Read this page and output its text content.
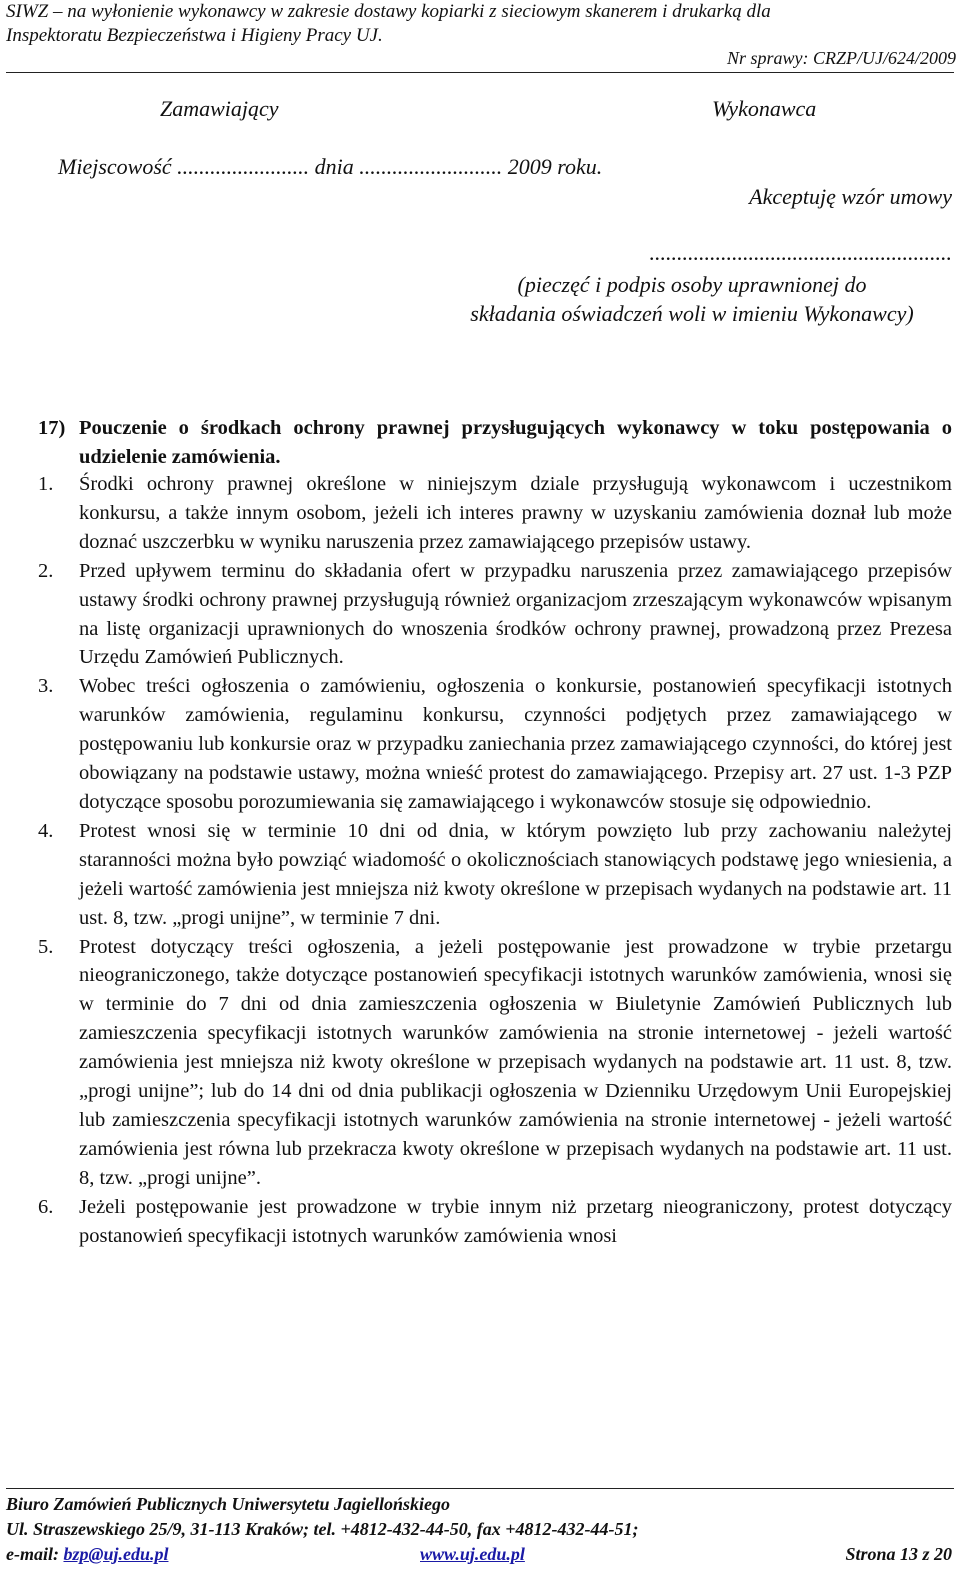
SIWZ – na wyłonienie wykonawcy w zakresie dostawy kopiarki z sieciowym skanerem i drukarką dla
Inspektoratu Bezpieczeństwa i Higieny Pracy UJ.
Nr sprawy: CRZP/UJ/624/2009
Zamawiający	Wykonawca
Miejscowość ........................ dnia .......................... 2009 roku.
Akceptuję wzór umowy
.......................................................
(pieczęć i podpis osoby uprawnionej do
składania oświadczeń woli w imieniu Wykonawcy)
17) Pouczenie o środkach ochrony prawnej przysługujących wykonawcy w toku postępowania o udzielenie zamówienia.
1. Środki ochrony prawnej określone w niniejszym dziale przysługują wykonawcom i uczestnikom konkursu, a także innym osobom, jeżeli ich interes prawny w uzyskaniu zamówienia doznał lub może doznać uszczerbku w wyniku naruszenia przez zamawiającego przepisów ustawy.
2. Przed upływem terminu do składania ofert w przypadku naruszenia przez zamawiającego przepisów ustawy środki ochrony prawnej przysługują również organizacjom zrzeszającym wykonawców wpisanym na listę organizacji uprawnionych do wnoszenia środków ochrony prawnej, prowadzoną przez Prezesa Urzędu Zamówień Publicznych.
3. Wobec treści ogłoszenia o zamówieniu, ogłoszenia o konkursie, postanowień specyfikacji istotnych warunków zamówienia, regulaminu konkursu, czynności podjętych przez zamawiającego w postępowaniu lub konkursie oraz w przypadku zaniechania przez zamawiającego czynności, do której jest obowiązany na podstawie ustawy, można wnieść protest do zamawiającego. Przepisy art. 27 ust. 1-3 PZP dotyczące sposobu porozumiewania się zamawiającego i wykonawców stosuje się odpowiednio.
4. Protest wnosi się w terminie 10 dni od dnia, w którym powzięto lub przy zachowaniu należytej staranności można było powziąć wiadomość o okolicznościach stanowiących podstawę jego wniesienia, a jeżeli wartość zamówienia jest mniejsza niż kwoty określone w przepisach wydanych na podstawie art. 11 ust. 8, tzw. „progi unijne”, w terminie 7 dni.
5. Protest dotyczący treści ogłoszenia, a jeżeli postępowanie jest prowadzone w trybie przetargu nieograniczonego, także dotyczące postanowień specyfikacji istotnych warunków zamówienia, wnosi się w terminie do 7 dni od dnia zamieszczenia ogłoszenia w Biuletynie Zamówień Publicznych lub zamieszczenia specyfikacji istotnych warunków zamówienia na stronie internetowej - jeżeli wartość zamówienia jest mniejsza niż kwoty określone w przepisach wydanych na podstawie art. 11 ust. 8, tzw. „progi unijne”; lub do 14 dni od dnia publikacji ogłoszenia w Dzienniku Urzędowym Unii Europejskiej lub zamieszczenia specyfikacji istotnych warunków zamówienia na stronie internetowej - jeżeli wartość zamówienia jest równa lub przekracza kwoty określone w przepisach wydanych na podstawie art. 11 ust. 8, tzw. „progi unijne”.
6. Jeżeli postępowanie jest prowadzone w trybie innym niż przetarg nieograniczony, protest dotyczący postanowień specyfikacji istotnych warunków zamówienia wnosi
Biuro Zamówień Publicznych Uniwersytetu Jagiellońskiego
Ul. Straszewskiego 25/9, 31-113 Kraków; tel. +4812-432-44-50, fax +4812-432-44-51;
e-mail: bzp@uj.edu.pl	www.uj.edu.pl	Strona 13 z 20
